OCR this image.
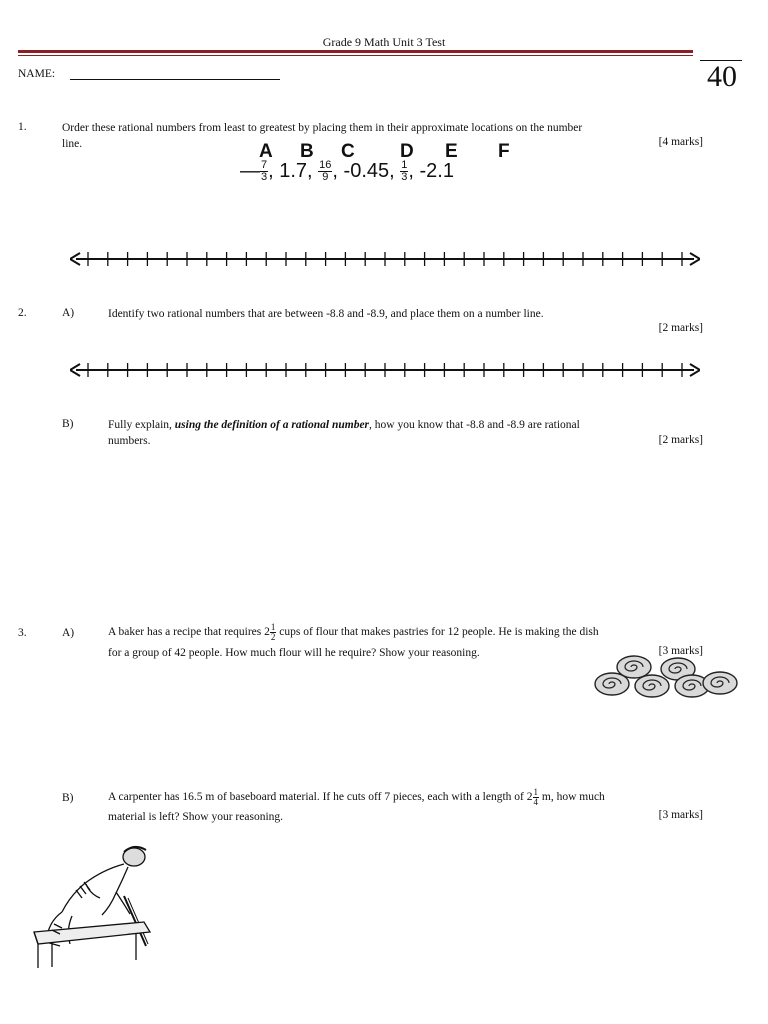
Grade 9 Math Unit 3 Test
40
NAME:
1.	Order these rational numbers from least to greatest by placing them in their approximate locations on the number
line.	[4 marks]
A B C D E F
— $\frac{7}{3}$ , 1.7, $\frac{16}{9}$ , -0.45, $\frac{1}{3}$ , -2.1
2.	A)	Identify two rational numbers that are between -8.8 and -8.9, and place them on a number line.
[2 marks]
B)	Fully explain, using the definition of a rational number, how you know that -8.8 and -8.9 are rational
numbers.	[2 marks]
3.	A)	A baker has a recipe that requires $2 \frac{1}{2}$ cups of flour that makes pastries for 12 people. He is making the dish
for a group of 42 people. How much flour will he require? Show your reasoning.	[3 marks]
B)	A carpenter has 16.5 m of baseboard material. If he cuts off 7 pieces, each with a length of $2 \frac{1}{4} m$, how much
material is left? Show your reasoning.	[3 marks]
